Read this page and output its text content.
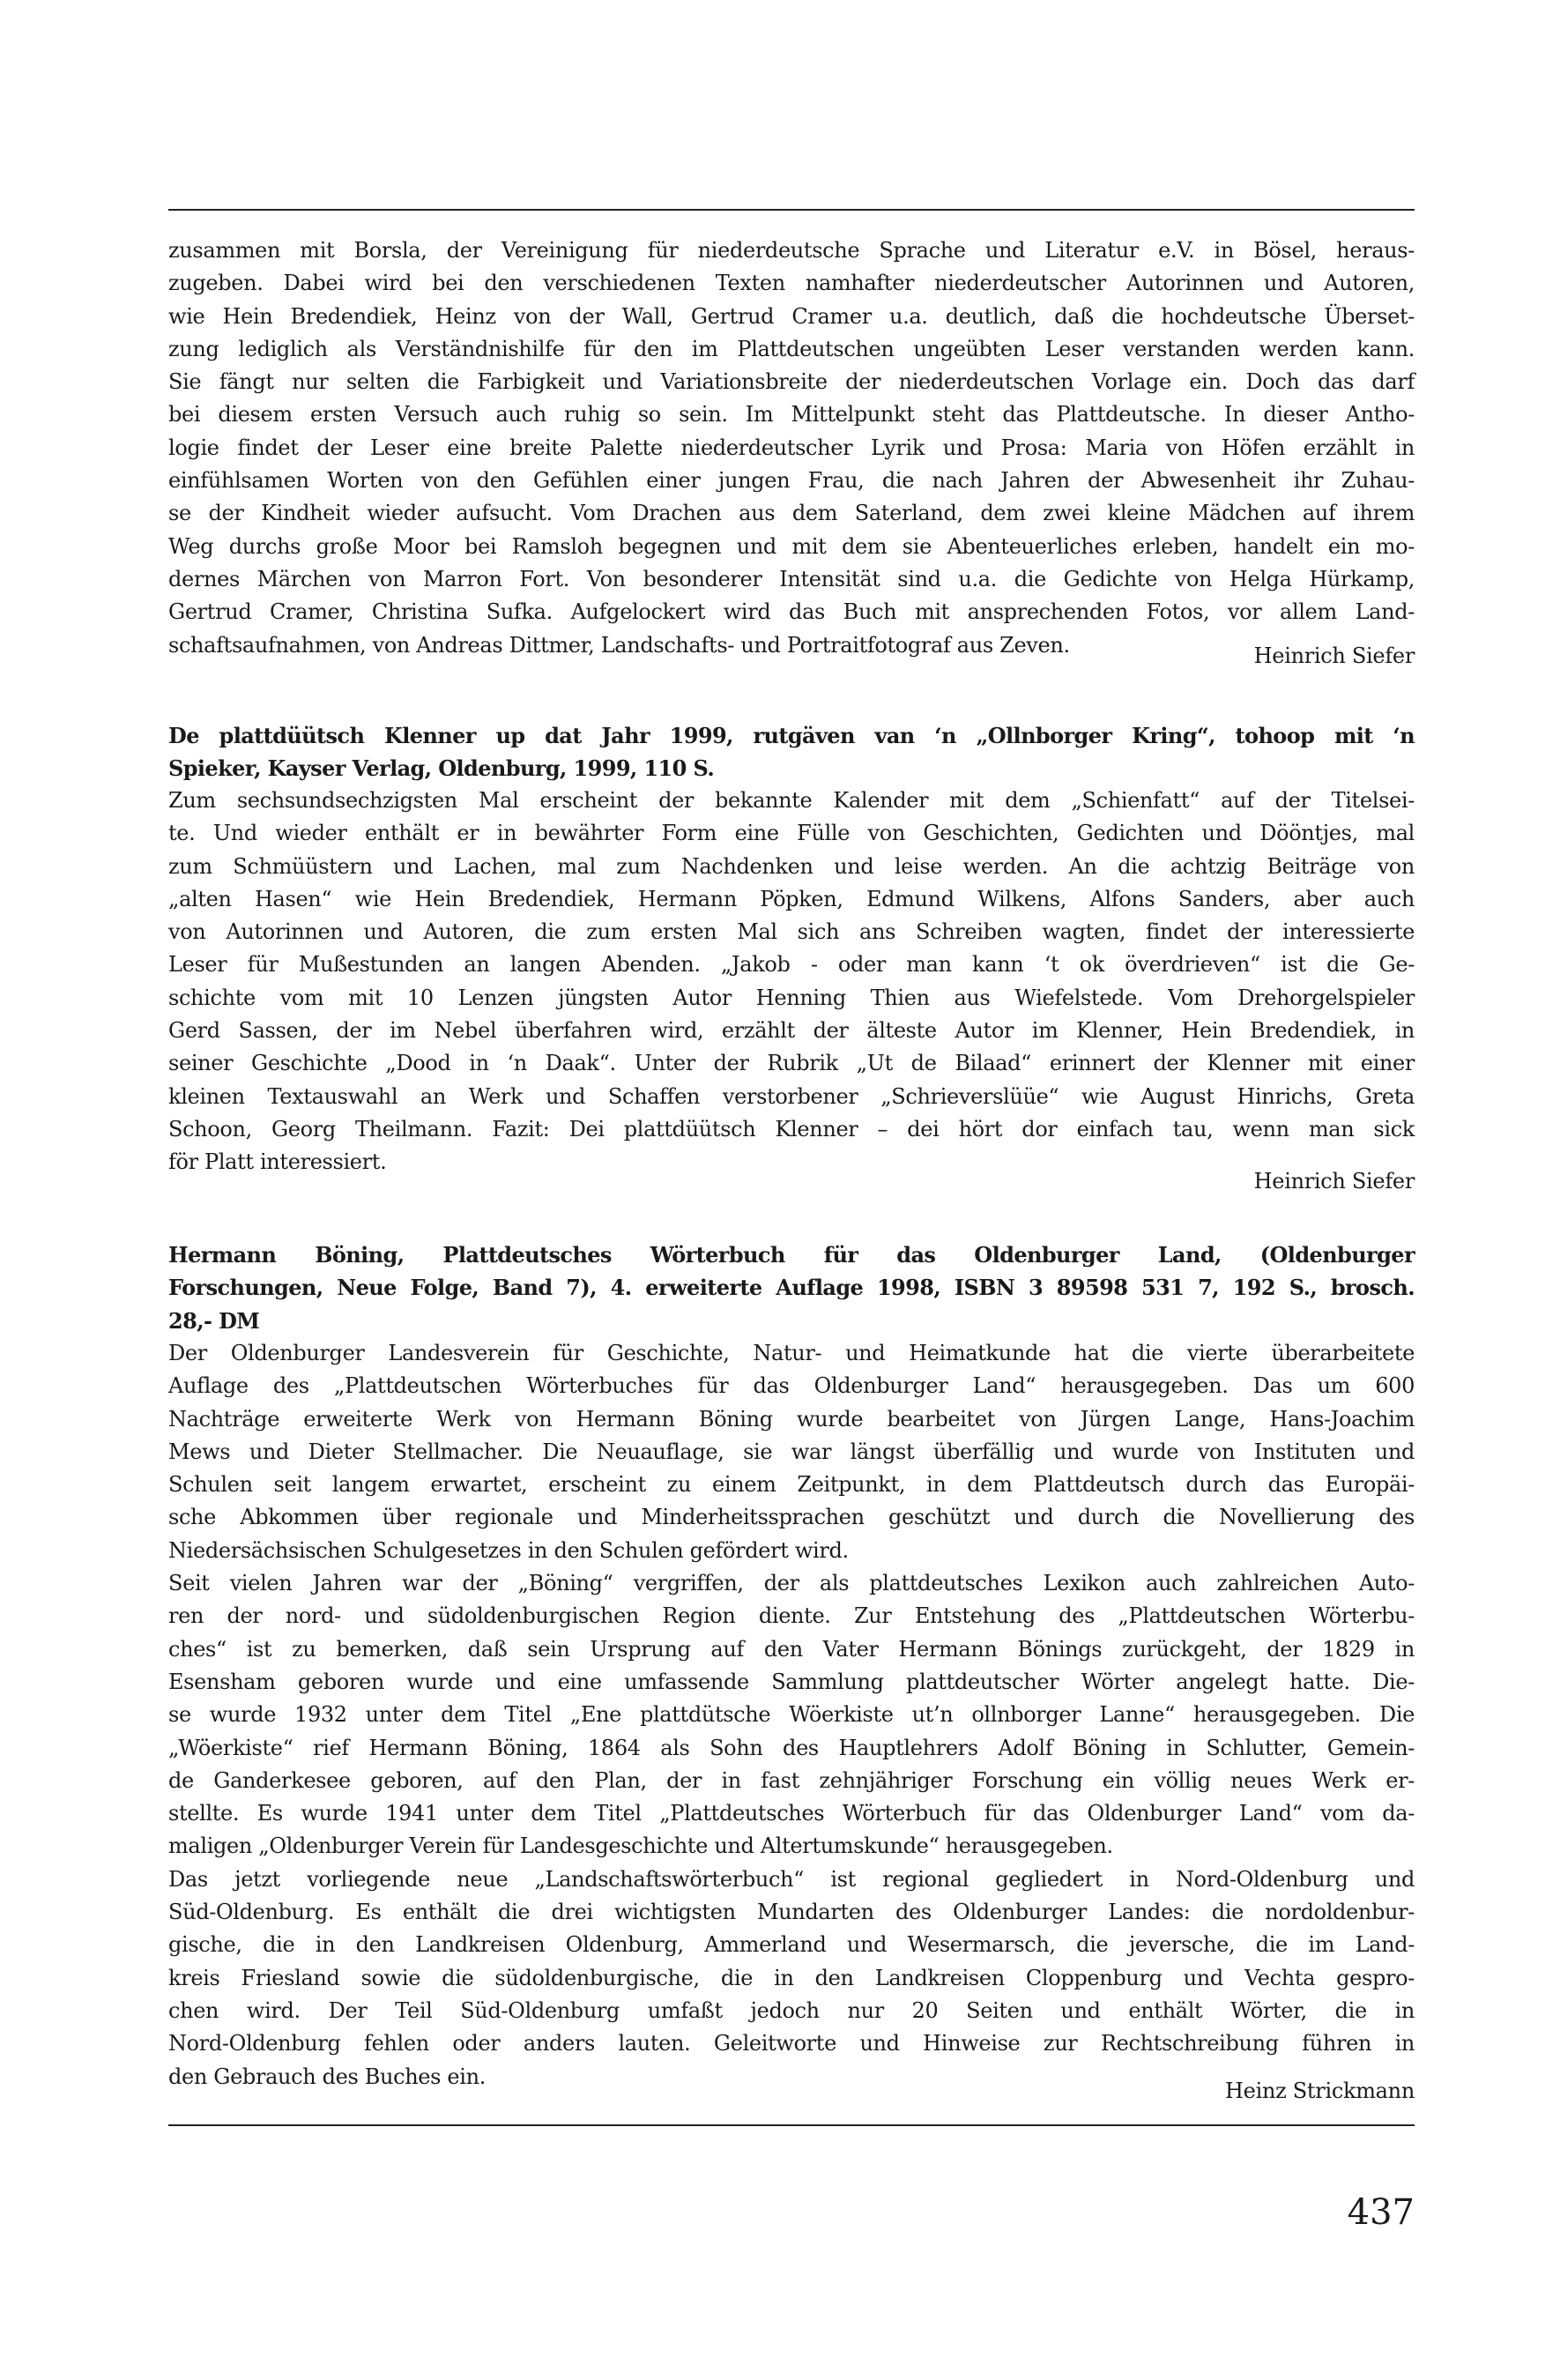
zusammen mit Borsla, der Vereinigung für niederdeutsche Sprache und Literatur e.V. in Bösel, heraus-
zugeben. Dabei wird bei den verschiedenen Texten namhafter niederdeutscher Autorinnen und Autoren,
wie Hein Bredendiek, Heinz von der Wall, Gertrud Cramer u.a. deutlich, daß die hochdeutsche Überset-
zung lediglich als Verständnishilfe für den im Plattdeutschen ungeübten Leser verstanden werden kann.
Sie fängt nur selten die Farbigkeit und Variationsbreite der niederdeutschen Vorlage ein. Doch das darf
bei diesem ersten Versuch auch ruhig so sein. Im Mittelpunkt steht das Plattdeutsche. In dieser Antho-
logie findet der Leser eine breite Palette niederdeutscher Lyrik und Prosa: Maria von Höfen erzählt in
einfühlsamen Worten von den Gefühlen einer jungen Frau, die nach Jahren der Abwesenheit ihr Zuhau-
se der Kindheit wieder aufsucht. Vom Drachen aus dem Saterland, dem zwei kleine Mädchen auf ihrem
Weg durchs große Moor bei Ramsloh begegnen und mit dem sie Abenteuerliches erleben, handelt ein mo-
dernes Märchen von Marron Fort. Von besonderer Intensität sind u.a. die Gedichte von Helga Hürkamp,
Gertrud Cramer, Christina Sufka. Aufgelockert wird das Buch mit ansprechenden Fotos, vor allem Land-
schaftsaufnahmen, von Andreas Dittmer, Landschafts- und Portraitfotograf aus Zeven.	Heinrich Siefer
De plattdüütsch Klenner up dat Jahr 1999, rutgäven van ‘n „Ollnborger Kring“, tohoop mit ‘n
Spieker, Kayser Verlag, Oldenburg, 1999, 110 S.
Zum sechsundsechzigsten Mal erscheint der bekannte Kalender mit dem „Schienfatt“ auf der Titelsei-
te. Und wieder enthält er in bewährter Form eine Fülle von Geschichten, Gedichten und Dööntjes, mal
zum Schmüüstern und Lachen, mal zum Nachdenken und leise werden. An die achtzig Beiträge von
„alten Hasen“ wie Hein Bredendiek, Hermann Pöpken, Edmund Wilkens, Alfons Sanders, aber auch
von Autorinnen und Autoren, die zum ersten Mal sich ans Schreiben wagten, findet der interessierte
Leser für Mußestunden an langen Abenden. „Jakob - oder man kann ‘t ok överdrieven“ ist die Ge-
schichte vom mit 10 Lenzen jüngsten Autor Henning Thien aus Wiefelstede. Vom Drehorgelspieler
Gerd Sassen, der im Nebel überfahren wird, erzählt der älteste Autor im Klenner, Hein Bredendiek, in
seiner Geschichte „Dood in ‘n Daak“. Unter der Rubrik „Ut de Bilaad“ erinnert der Klenner mit einer
kleinen Textauswahl an Werk und Schaffen verstorbener „Schrieverslüüe“ wie August Hinrichs, Greta
Schoon, Georg Theilmann. Fazit: Dei plattdüütsch Klenner – dei hört dor einfach tau, wenn man sick
för Platt interessiert.
Heinrich Siefer
Hermann Böning, Plattdeutsches Wörterbuch für das Oldenburger Land, (Oldenburger
Forschungen, Neue Folge, Band 7), 4. erweiterte Auflage 1998, ISBN 3 89598 531 7, 192 S., brosch.
28,- DM
Der Oldenburger Landesverein für Geschichte, Natur- und Heimatkunde hat die vierte überarbeitete
Auflage des „Plattdeutschen Wörterbuches für das Oldenburger Land“ herausgegeben. Das um 600
Nachträge erweiterte Werk von Hermann Böning wurde bearbeitet von Jürgen Lange, Hans-Joachim
Mews und Dieter Stellmacher. Die Neuauflage, sie war längst überfällig und wurde von Instituten und
Schulen seit langem erwartet, erscheint zu einem Zeitpunkt, in dem Plattdeutsch durch das Europäi-
sche Abkommen über regionale und Minderheitssprachen geschützt und durch die Novellierung des
Niedersächsischen Schulgesetzes in den Schulen gefördert wird.
Seit vielen Jahren war der „Böning“ vergriffen, der als plattdeutsches Lexikon auch zahlreichen Auto-
ren der nord- und südoldenburgischen Region diente. Zur Entstehung des „Plattdeutschen Wörterbu-
ches“ ist zu bemerken, daß sein Ursprung auf den Vater Hermann Bönings zurückgeht, der 1829 in
Esensham geboren wurde und eine umfassende Sammlung plattdeutscher Wörter angelegt hatte. Die-
se wurde 1932 unter dem Titel „Ene plattdütsche Wöerkiste ut’n ollnborger Lanne“ herausgegeben. Die
„Wöerkiste“ rief Hermann Böning, 1864 als Sohn des Hauptlehrers Adolf Böning in Schlutter, Gemein-
de Ganderkesee geboren, auf den Plan, der in fast zehnjähriger Forschung ein völlig neues Werk er-
stellte. Es wurde 1941 unter dem Titel „Plattdeutsches Wörterbuch für das Oldenburger Land“ vom da-
maligen „Oldenburger Verein für Landesgeschichte und Altertumskunde“ herausgegeben.
Das jetzt vorliegende neue „Landschaftswörterbuch“ ist regional gegliedert in Nord-Oldenburg und
Süd-Oldenburg. Es enthält die drei wichtigsten Mundarten des Oldenburger Landes: die nordoldenbur-
gische, die in den Landkreisen Oldenburg, Ammerland und Wesermarsch, die jeversche, die im Land-
kreis Friesland sowie die südoldenburgische, die in den Landkreisen Cloppenburg und Vechta gespro-
chen wird. Der Teil Süd-Oldenburg umfaßt jedoch nur 20 Seiten und enthält Wörter, die in
Nord-Oldenburg fehlen oder anders lauten. Geleitworte und Hinweise zur Rechtschreibung führen in
den Gebrauch des Buches ein.
Heinz Strickmann
437
